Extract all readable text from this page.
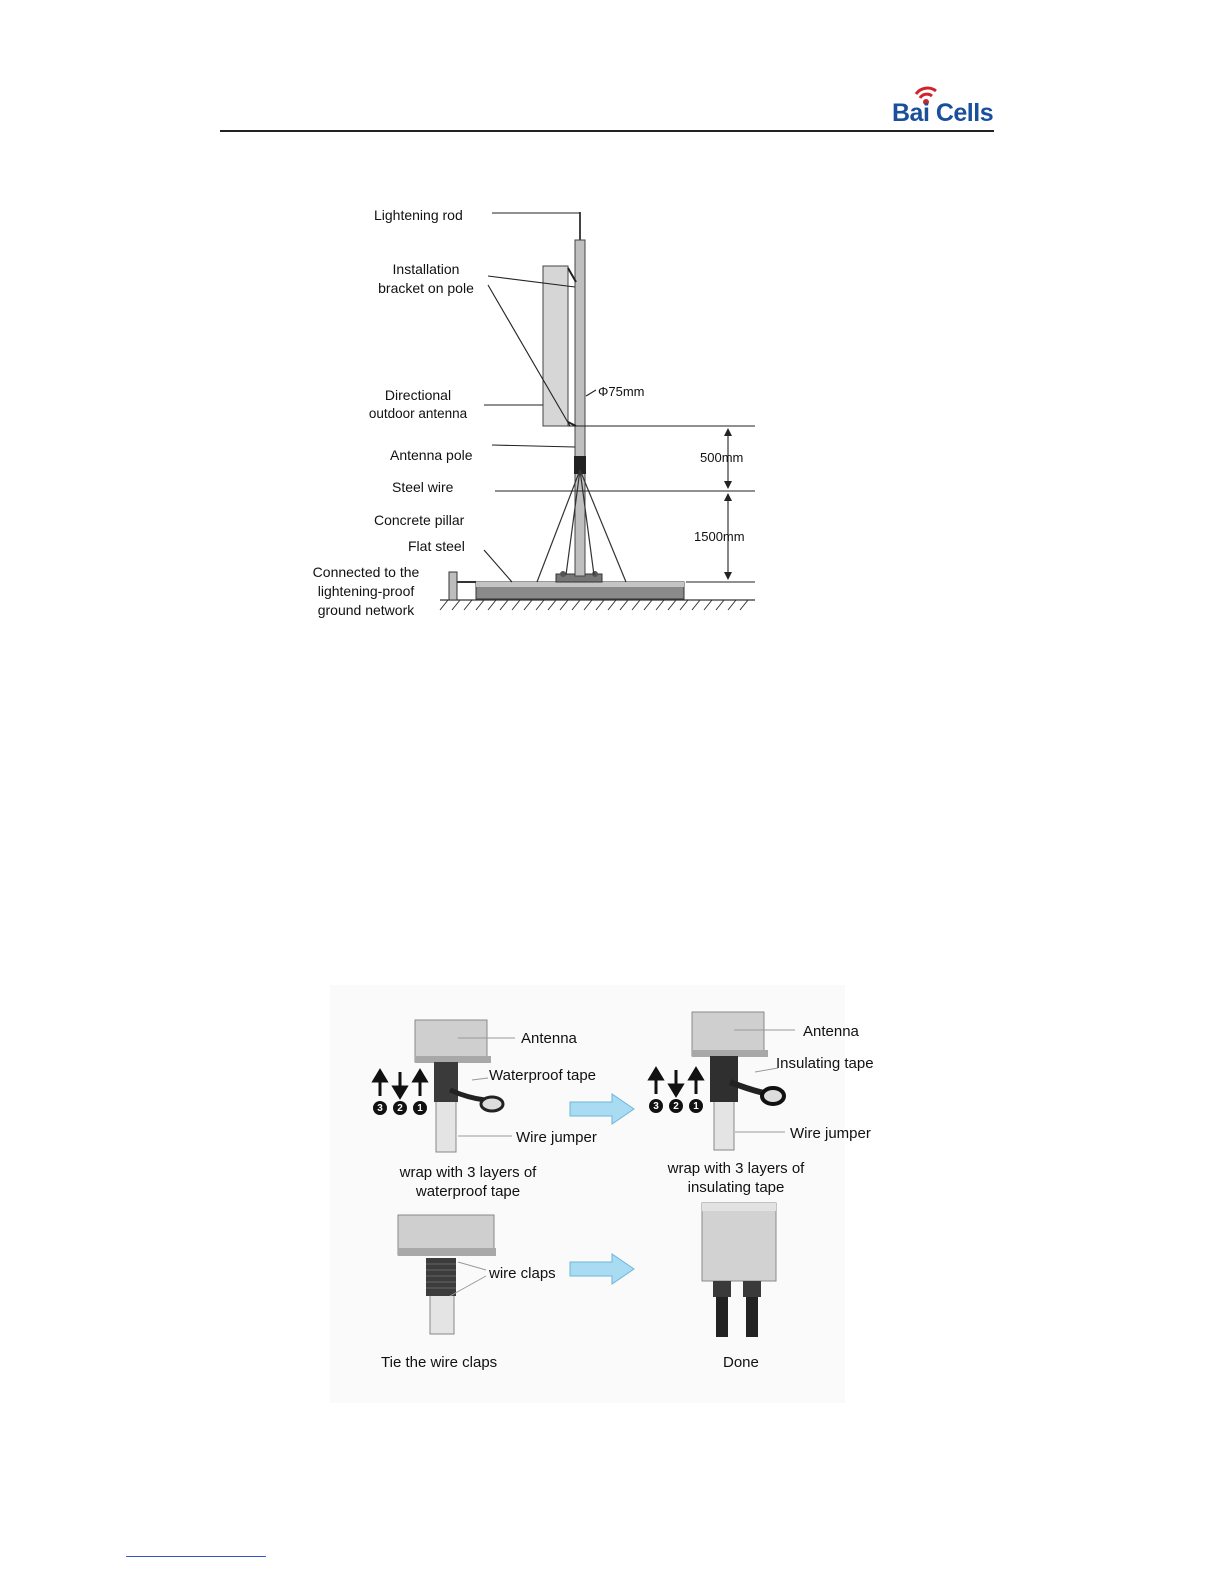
Bai Cells
Lightening rod
Installation
bracket on pole
Directional
outdoor antenna
Antenna pole
Steel wire
Concrete pillar
Flat steel
Connected to the
lightening-proof
ground network
Φ75mm
500mm
1500mm
Antenna
Waterproof tape
Wire jumper
wrap with 3 layers of
waterproof tape
Antenna
Insulating tape
Wire jumper
wrap with 3 layers of
insulating tape
wire claps
Tie the wire claps	Done
3	2	1	3	2	1
